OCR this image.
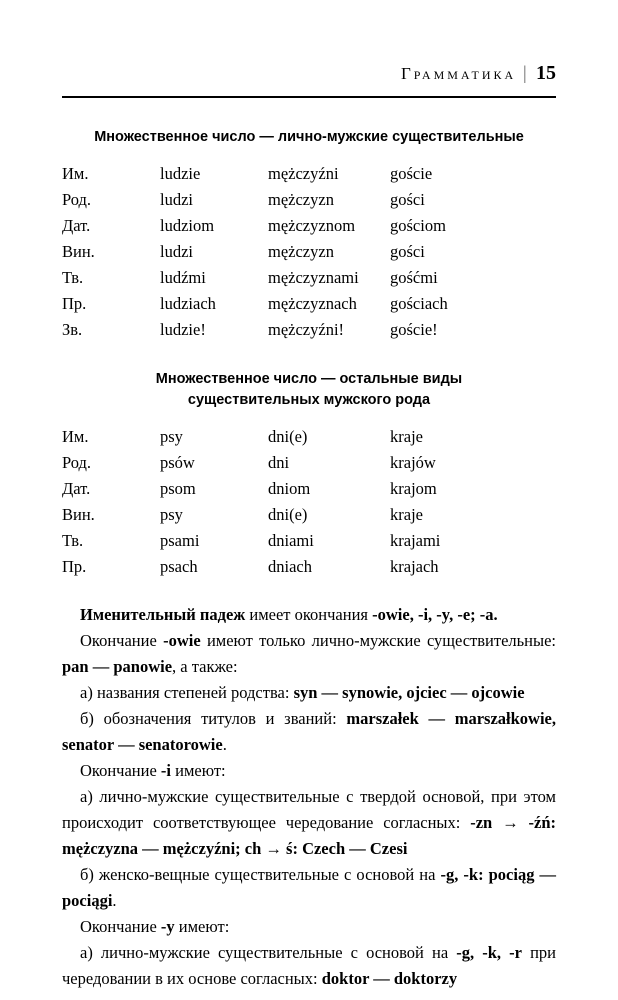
Грамматика | 15
Множественное число — лично-мужские существительные
Им.	ludzie	mężczyźni	goście
Род.	ludzi	mężczyzn	gości
Дат.	ludziom	mężczyznom	gościom
Вин.	ludzi	mężczyzn	gości
Тв.	ludźmi	mężczyznami	gośćmi
Пр.	ludziach	mężczyznach	gościach
Зв.	ludzie!	mężczyźni!	goście!
Множественное число — остальные виды
существительных мужского рода
Им.	psy	dni(e)	kraje
Род.	psów	dni	krajów
Дат.	psom	dniom	krajom
Вин.	psy	dni(e)	kraje
Тв.	psami	dniami	krajami
Пр.	psach	dniach	krajach

Именительный падеж имеет окончания -owie, -i, -y, -e; -a.

Окончание -owie имеют только лично-мужские существительные: pan — panowie, а также:

а) названия степеней родства: syn — synowie, ojciec — ojcowie

б) обозначения титулов и званий: marszałek — marszałkowie, senator — senatorowie.

Окончание -i имеют:

а) лично-мужские существительные с твердой основой, при этом происходит соответствующее чередование согласных: -zn → -źń: mężczyzna — mężczyźni; ch → ś: Czech — Czesi

б) женско-вещные существительные с основой на -g, -k: pociąg — pociągi.

Окончание -y имеют:

а) лично-мужские существительные с основой на -g, -k, -r при чередовании в их основе согласных: doktor — doktorzy
